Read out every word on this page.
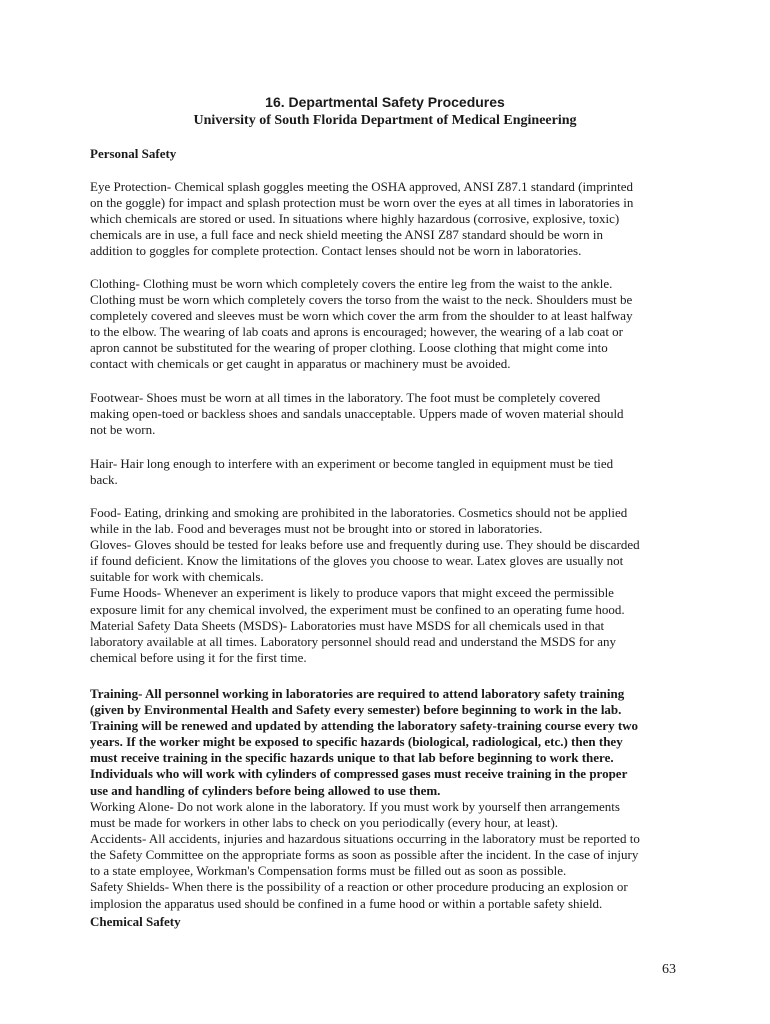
16. Departmental Safety Procedures
University of South Florida Department of Medical Engineering

Personal Safety

Eye Protection- Chemical splash goggles meeting the OSHA approved, ANSI Z87.1 standard (imprinted
on the goggle) for impact and splash protection must be worn over the eyes at all times in laboratories in
which chemicals are stored or used. In situations where highly hazardous (corrosive, explosive, toxic)
chemicals are in use, a full face and neck shield meeting the ANSI Z87 standard should be worn in
addition to goggles for complete protection. Contact lenses should not be worn in laboratories.

Clothing- Clothing must be worn which completely covers the entire leg from the waist to the ankle.
Clothing must be worn which completely covers the torso from the waist to the neck. Shoulders must be
completely covered and sleeves must be worn which cover the arm from the shoulder to at least halfway
to the elbow. The wearing of lab coats and aprons is encouraged; however, the wearing of a lab coat or
apron cannot be substituted for the wearing of proper clothing. Loose clothing that might come into
contact with chemicals or get caught in apparatus or machinery must be avoided.

Footwear- Shoes must be worn at all times in the laboratory. The foot must be completely covered
making open-toed or backless shoes and sandals unacceptable. Uppers made of woven material should
not be worn.

Hair- Hair long enough to interfere with an experiment or become tangled in equipment must be tied
back.

Food- Eating, drinking and smoking are prohibited in the laboratories. Cosmetics should not be applied
while in the lab. Food and beverages must not be brought into or stored in laboratories.
Gloves- Gloves should be tested for leaks before use and frequently during use. They should be discarded
if found deficient. Know the limitations of the gloves you choose to wear. Latex gloves are usually not
suitable for work with chemicals.
Fume Hoods- Whenever an experiment is likely to produce vapors that might exceed the permissible
exposure limit for any chemical involved, the experiment must be confined to an operating fume hood.
Material Safety Data Sheets (MSDS)- Laboratories must have MSDS for all chemicals used in that
laboratory available at all times. Laboratory personnel should read and understand the MSDS for any
chemical before using it for the first time.

Training- All personnel working in laboratories are required to attend laboratory safety training
(given by Environmental Health and Safety every semester) before beginning to work in the lab.
Training will be renewed and updated by attending the laboratory safety-training course every two
years. If the worker might be exposed to specific hazards (biological, radiological, etc.) then they
must receive training in the specific hazards unique to that lab before beginning to work there.
Individuals who will work with cylinders of compressed gases must receive training in the proper
use and handling of cylinders before being allowed to use them.

Working Alone- Do not work alone in the laboratory. If you must work by yourself then arrangements
must be made for workers in other labs to check on you periodically (every hour, at least).
Accidents- All accidents, injuries and hazardous situations occurring in the laboratory must be reported to
the Safety Committee on the appropriate forms as soon as possible after the incident. In the case of injury
to a state employee, Workman's Compensation forms must be filled out as soon as possible.
Safety Shields- When there is the possibility of a reaction or other procedure producing an explosion or
implosion the apparatus used should be confined in a fume hood or within a portable safety shield.

Chemical Safety

63
